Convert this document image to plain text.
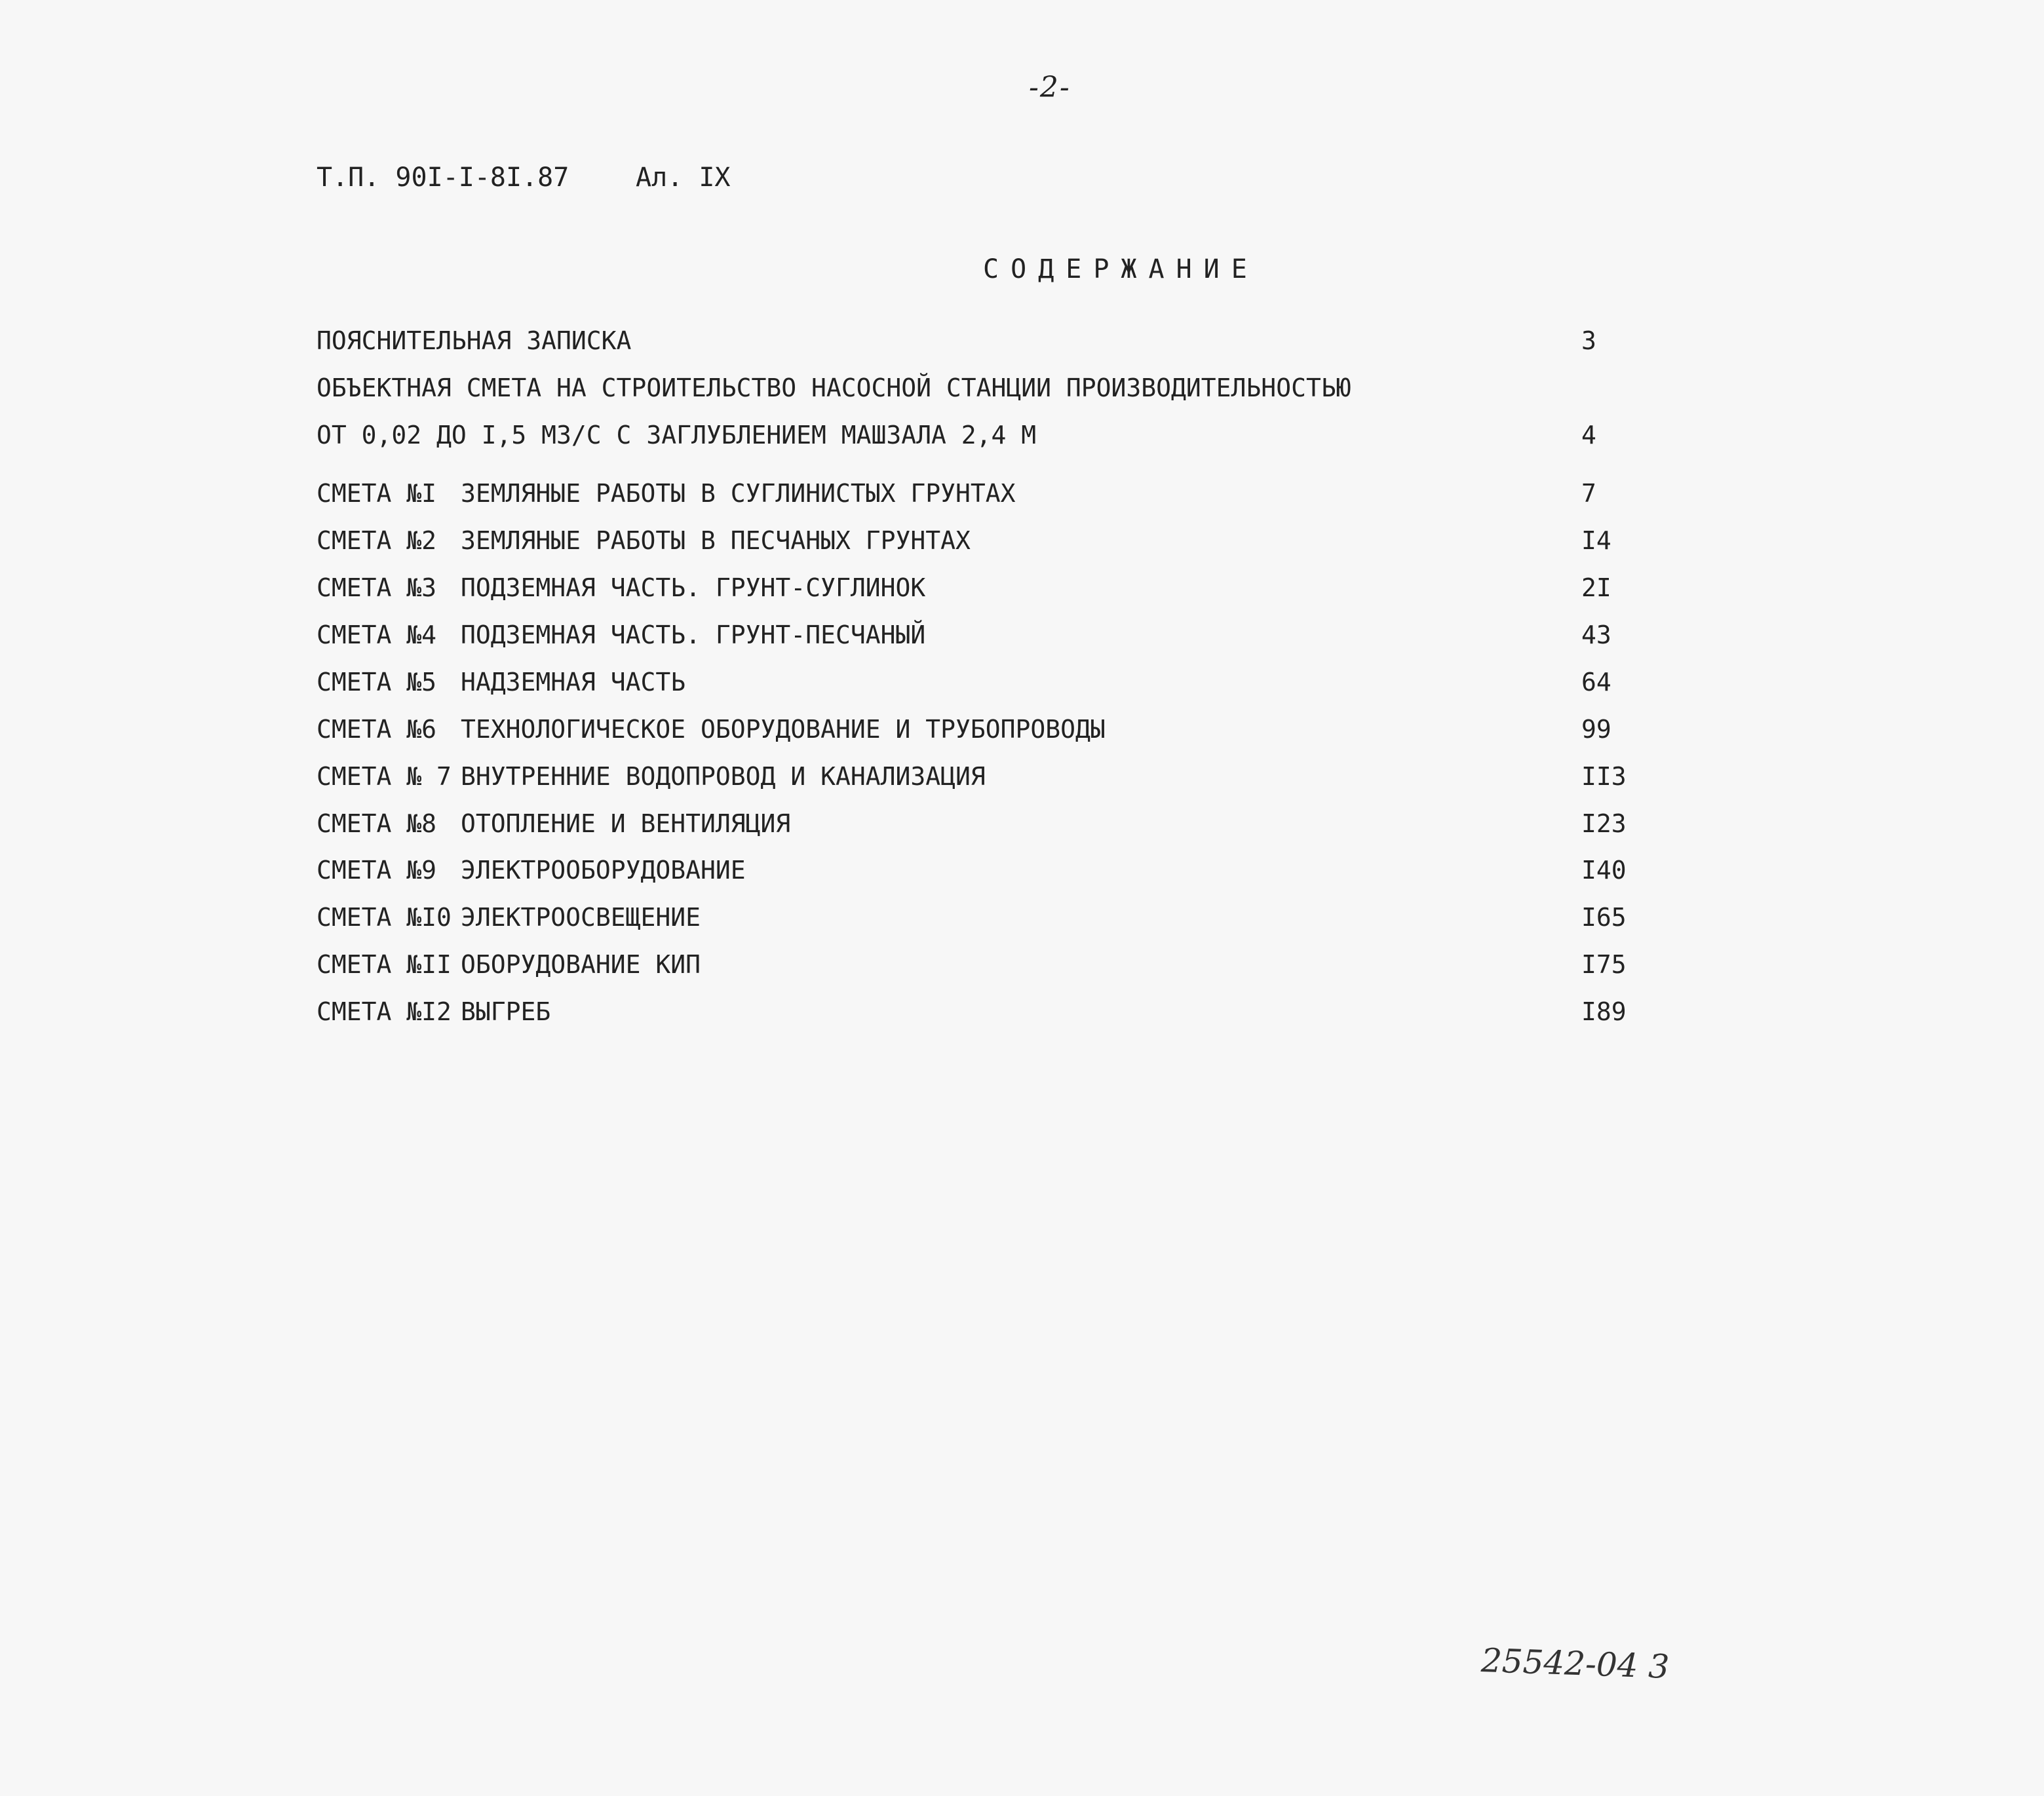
-2-
Т.П. 90I-I-8I.87	Ал. IX
СОДЕРЖАНИЕ
ПОЯСНИТЕЛЬНАЯ ЗАПИСКА	3
ОБЪЕКТНАЯ СМЕТА НА СТРОИТЕЛЬСТВО НАСОСНОЙ СТАНЦИИ ПРОИЗВОДИТЕЛЬНОСТЬЮ
ОТ 0,02 ДО I,5 М3/С С ЗАГЛУБЛЕНИЕМ МАШЗАЛА 2,4 М	4
СМЕТА №I ЗЕМЛЯНЫЕ РАБОТЫ В СУГЛИНИСТЫХ ГРУНТАХ	7
СМЕТА №2 ЗЕМЛЯНЫЕ РАБОТЫ В ПЕСЧАНЫХ ГРУНТАХ	I4
СМЕТА №3 ПОДЗЕМНАЯ ЧАСТЬ. ГРУНТ-СУГЛИНОК	2I
СМЕТА №4 ПОДЗЕМНАЯ ЧАСТЬ. ГРУНТ-ПЕСЧАНЫЙ	43
СМЕТА №5 НАДЗЕМНАЯ ЧАСТЬ	64
СМЕТА №6 ТЕХНОЛОГИЧЕСКОЕ ОБОРУДОВАНИЕ И ТРУБОПРОВОДЫ	99
СМЕТА № 7 ВНУТРЕННИЕ ВОДОПРОВОД И КАНАЛИЗАЦИЯ	II3
СМЕТА №8 ОТОПЛЕНИЕ И ВЕНТИЛЯЦИЯ	I23
СМЕТА №9 ЭЛЕКТРООБОРУДОВАНИЕ	I40
СМЕТА №I0 ЭЛЕКТРООСВЕЩЕНИЕ	I65
СМЕТА №II ОБОРУДОВАНИЕ КИП	I75
СМЕТА №I2 ВЫГРЕБ	I89
25542-04 3
